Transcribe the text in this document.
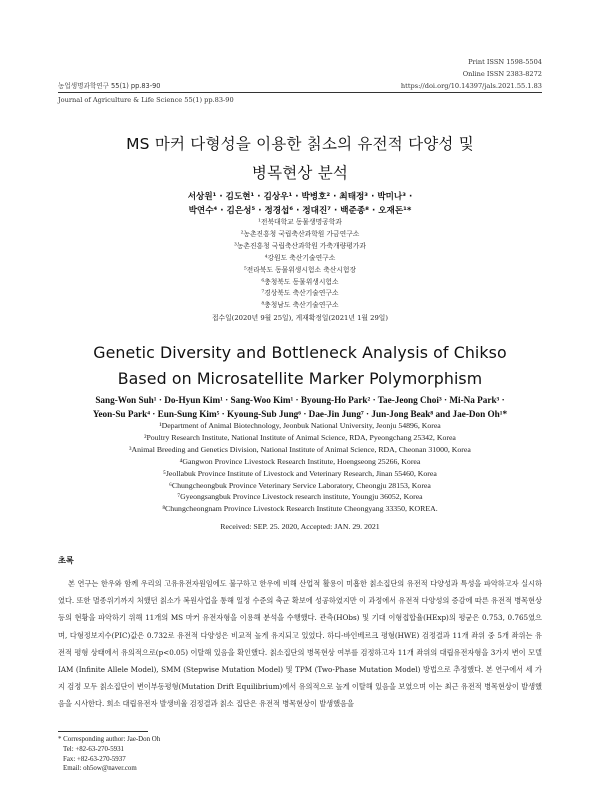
Print ISSN 1598-5504
Online ISSN 2383-8272
농업생명과학연구 55(1) pp.83-90	https://doi.org/10.14397/jals.2021.55.1.83
Journal of Agriculture & Life Science 55(1) pp.83-90
MS 마커 다형성을 이용한 칡소의 유전적 다양성 및
병목현상 분석
서상원¹ · 김도현¹ · 김상우¹ · 박병호² · 최태정³ · 박미나³ ·
박연수⁴ · 김은성⁵ · 정경섭⁶ · 정대진⁷ · 백준종⁸ · 오재돈¹*
¹전북대학교 동물생명공학과
²농촌진흥청 국립축산과학원 가금연구소
³농촌진흥청 국립축산과학원 가축개량평가과
⁴강원도 축산기술연구소
⁵전라북도 동물위생시험소 축산시험장
⁶충청북도 동물위생시험소
⁷경상북도 축산기술연구소
⁸충청남도 축산기술연구소
접수일(2020년 9월 25일), 게재확정일(2021년 1월 29일)
Genetic Diversity and Bottleneck Analysis of Chikso
Based on Microsatellite Marker Polymorphism
Sang-Won Suh¹ · Do-Hyun Kim¹ · Sang-Woo Kim¹ · Byoung-Ho Park² · Tae-Jeong Choi³ · Mi-Na Park³ ·
Yeon-Su Park⁴ · Eun-Sung Kim⁵ · Kyoung-Sub Jung⁶ · Dae-Jin Jung⁷ · Jun-Jong Beak⁸ and Jae-Don Oh¹*
¹Department of Animal Biotechnology, Jeonbuk National University, Jeonju 54896, Korea
²Poultry Research Institute, National Institute of Animal Science, RDA, Pyeongchang 25342, Korea
³Animal Breeding and Genetics Division, National Institute of Animal Science, RDA, Cheonan 31000, Korea
⁴Gangwon Province Livestock Research Institute, Hoengseong 25266, Korea
⁵Jeollabuk Province Institute of Livestock and Veterinary Research, Jinan 55460, Korea
⁶Chungcheongbuk Province Veterinary Service Laboratory, Cheongju 28153, Korea
⁷Gyeongsangbuk Province Livestock research institute, Youngju 36052, Korea
⁸Chungcheongnam Province Livestock Research Institute Cheongyang 33350, KOREA.
Received: SEP. 25. 2020, Accepted: JAN. 29. 2021
초록

본 연구는 한우와 함께 우리의 고유유전자원임에도 불구하고 한우에 비해 산업적 활용이 미흡한 칡소집단의 유전적 다양성과 특성을 파악하고자 실시하였다. 또한 멸종위기까지 처했던 칡소가 복원사업을 통해 일정 수준의 축군 확보에 성공하였지만 이 과정에서 유전적 다양성의 증감에 따른 유전적 병목현상 등의 현황을 파악하기 위해 11개의 MS 마커 유전자형을 이용해 분석을 수행했다. 관측(HObs) 및 기대 이형접합율(HExp)의 평균은 0.753, 0.765였으며, 다형정보지수(PIC)값은 0.732로 유전적 다양성은 비교적 높게 유지되고 있었다. 하디-바인베르크 평형(HWE) 검정결과 11개 좌위 중 5개 좌위는 유전적 평형 상태에서 유의적으로(p<0.05) 이탈해 있음을 확인했다. 칡소집단의 병목현상 여부를 검정하고자 11개 좌위의 대립유전자형을 3가지 변이 모델 IAM (Infinite Allele Model), SMM (Stepwise Mutation Model) 및 TPM (Two-Phase Mutation Model) 방법으로 추정했다. 본 연구에서 세 가지 검정 모두 칡소집단이 변이부동평형(Mutation Drift Equilibrium)에서 유의적으로 높게 이탈해 있음을 보였으며 이는 최근 유전적 병목현상이 발생했음을 시사한다. 희소 대립유전자 발생비율 검정결과 칡소 집단은 유전적 병목현상이 발생했음을

* Corresponding author: Jae-Don Oh
Tel: +82-63-270-5931
Fax: +82-63-270-5937
Email: oh5ow@naver.com
